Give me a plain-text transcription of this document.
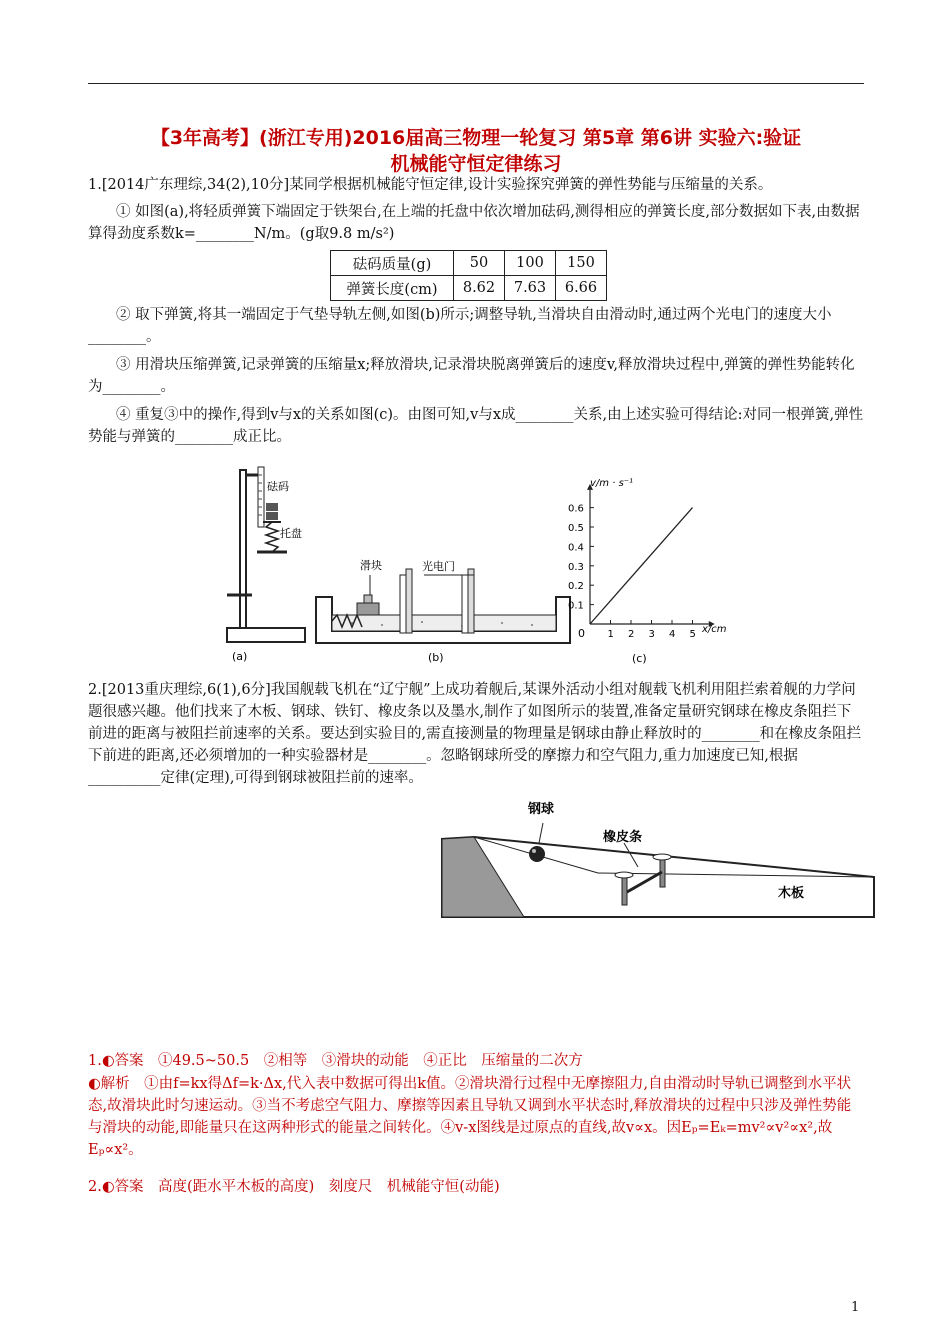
【3年高考】(浙江专用)2016届高三物理一轮复习 第5章 第6讲 实验六:验证
机械能守恒定律练习
1.[2014广东理综,34(2),10分]某同学根据机械能守恒定律,设计实验探究弹簧的弹性势能与压缩量的关系。
① 如图(a),将轻质弹簧下端固定于铁架台,在上端的托盘中依次增加砝码,测得相应的弹簧长度,部分数据如下表,由数据算得劲度系数k=________N/m。(g取9.8 m/s²)
砝码质量(g)	50	100	150
弹簧长度(cm)	8.62	7.63	6.66
② 取下弹簧,将其一端固定于气垫导轨左侧,如图(b)所示;调整导轨,当滑块自由滑动时,通过两个光电门的速度大小________。
③ 用滑块压缩弹簧,记录弹簧的压缩量x;释放滑块,记录滑块脱离弹簧后的速度v,释放滑块过程中,弹簧的弹性势能转化为________。
④ 重复③中的操作,得到v与x的关系如图(c)。由图可知,v与x成________关系,由上述实验可得结论:对同一根弹簧,弹性势能与弹簧的________成正比。
砝码
托盘
(a)
滑块	光电门
(b)
0.1
0.2
0.3
0.4
0.5
0.6
1 2 3 4 5
v/m · s⁻¹
x/cm
0
(c)
2.[2013重庆理综,6(1),6分]我国舰载飞机在“辽宁舰”上成功着舰后,某课外活动小组对舰载飞机利用阻拦索着舰的力学问题很感兴趣。他们找来了木板、钢球、铁钉、橡皮条以及墨水,制作了如图所示的装置,准备定量研究钢球在橡皮条阻拦下前进的距离与被阻拦前速率的关系。要达到实验目的,需直接测量的物理量是钢球由静止释放时的________和在橡皮条阻拦下前进的距离,还必须增加的一种实验器材是________。忽略钢球所受的摩擦力和空气阻力,重力加速度已知,根据__________定律(定理),可得到钢球被阻拦前的速率。
钢球
橡皮条
木板
1.◐答案　①49.5~50.5　②相等　③滑块的动能　④正比　压缩量的二次方
◐解析　①由f=kx得Δf=k·Δx,代入表中数据可得出k值。②滑块滑行过程中无摩擦阻力,自由滑动时导轨已调整到水平状态,故滑块此时匀速运动。③当不考虑空气阻力、摩擦等因素且导轨又调到水平状态时,释放滑块的过程中只涉及弹性势能与滑块的动能,即能量只在这两种形式的能量之间转化。④v-x图线是过原点的直线,故v∝x。因Eₚ=Eₖ=mv²∝v²∝x²,故Eₚ∝x²。
2.◐答案　高度(距水平木板的高度)　刻度尺　机械能守恒(动能)
1
